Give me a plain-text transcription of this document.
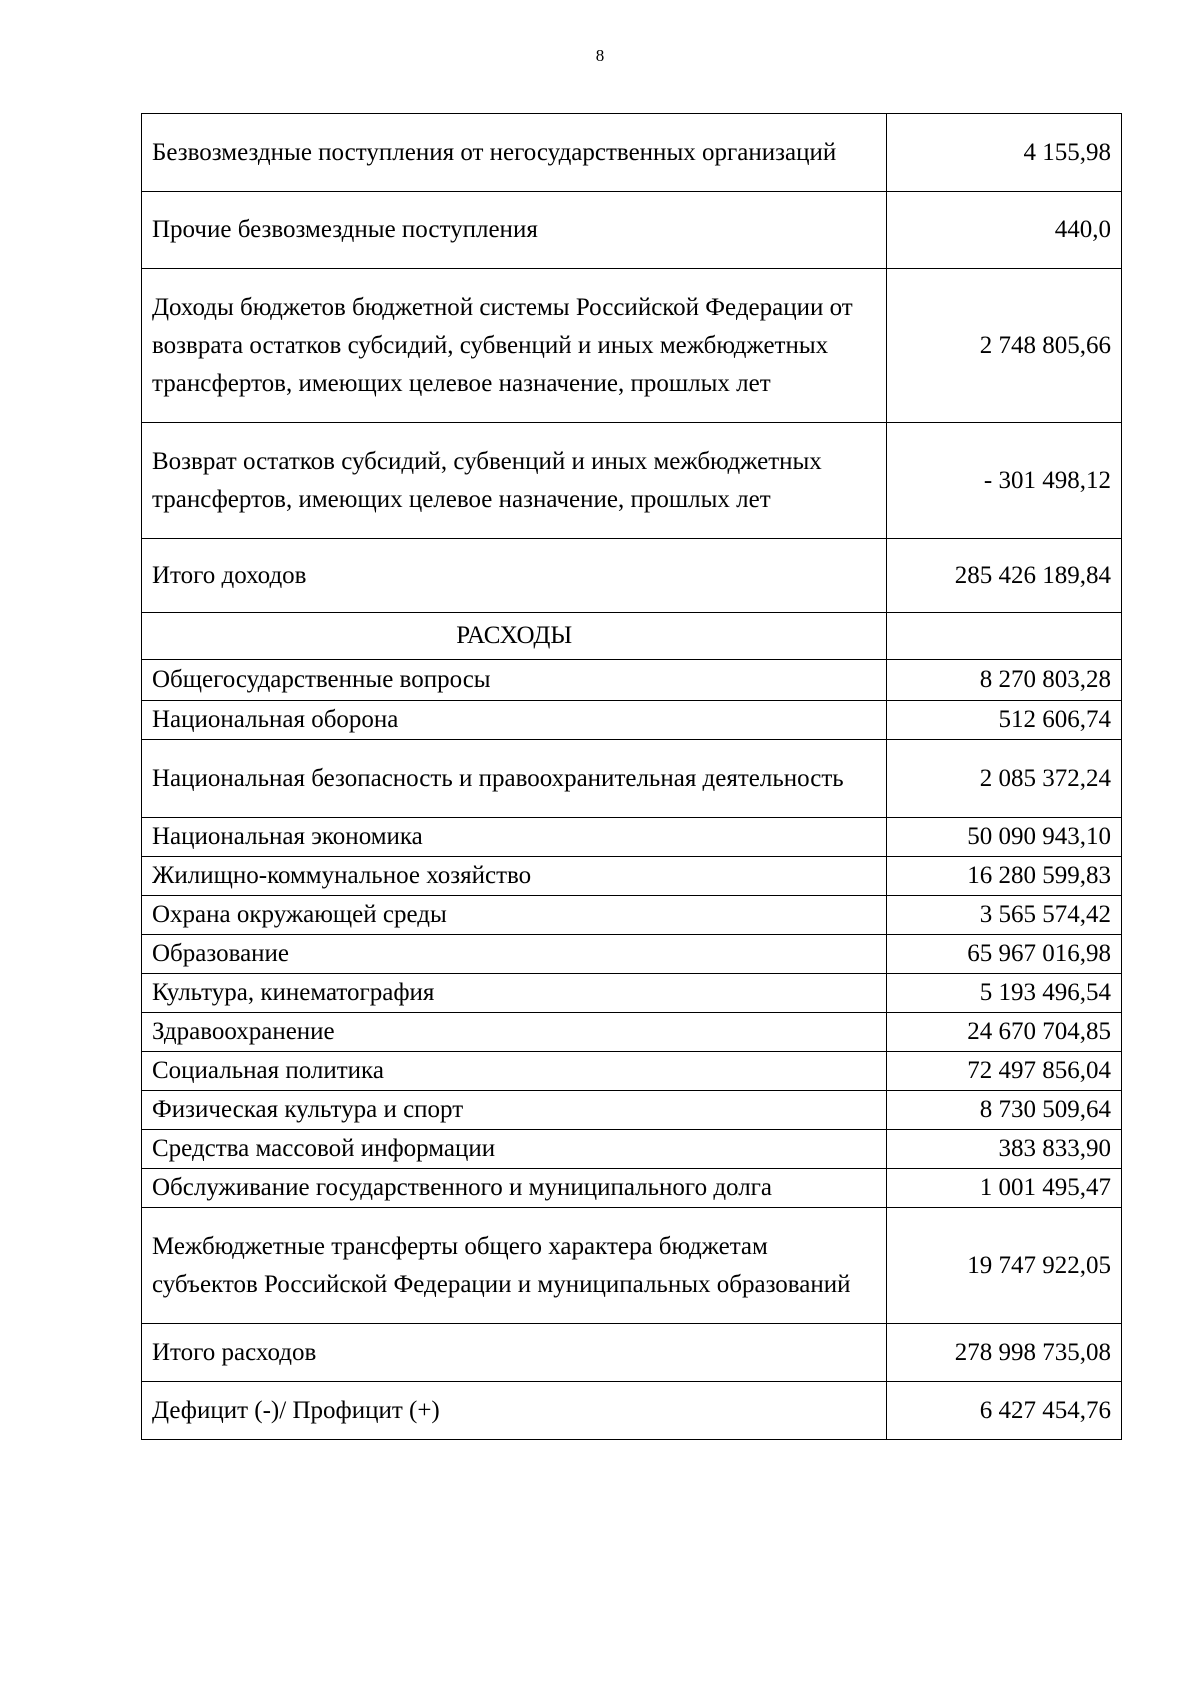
8
Безвозмездные поступления от негосударственных организаций	4 155,98
Прочие безвозмездные поступления	440,0
Доходы бюджетов бюджетной системы Российской Федерации от возврата остатков субсидий, субвенций и иных межбюджетных трансфертов, имеющих целевое назначение, прошлых лет	2 748 805,66
Возврат остатков субсидий, субвенций и иных межбюджетных трансфертов, имеющих целевое назначение, прошлых лет	- 301 498,12
Итого доходов	285 426 189,84
РАСХОДЫ	
Общегосударственные вопросы	8 270 803,28
Национальная оборона	512 606,74
Национальная безопасность и правоохранительная деятельность	2 085 372,24
Национальная экономика	50 090 943,10
Жилищно-коммунальное хозяйство	16 280 599,83
Охрана окружающей среды	3 565 574,42
Образование	65 967 016,98
Культура, кинематография	5 193 496,54
Здравоохранение	24 670 704,85
Социальная политика	72 497 856,04
Физическая культура и спорт	8 730 509,64
Средства массовой информации	383 833,90
Обслуживание государственного и муниципального долга	1 001 495,47
Межбюджетные трансферты общего характера бюджетам субъектов Российской Федерации и муниципальных образований	19 747 922,05
Итого расходов	278 998 735,08
Дефицит (-)/ Профицит (+)	6 427 454,76
